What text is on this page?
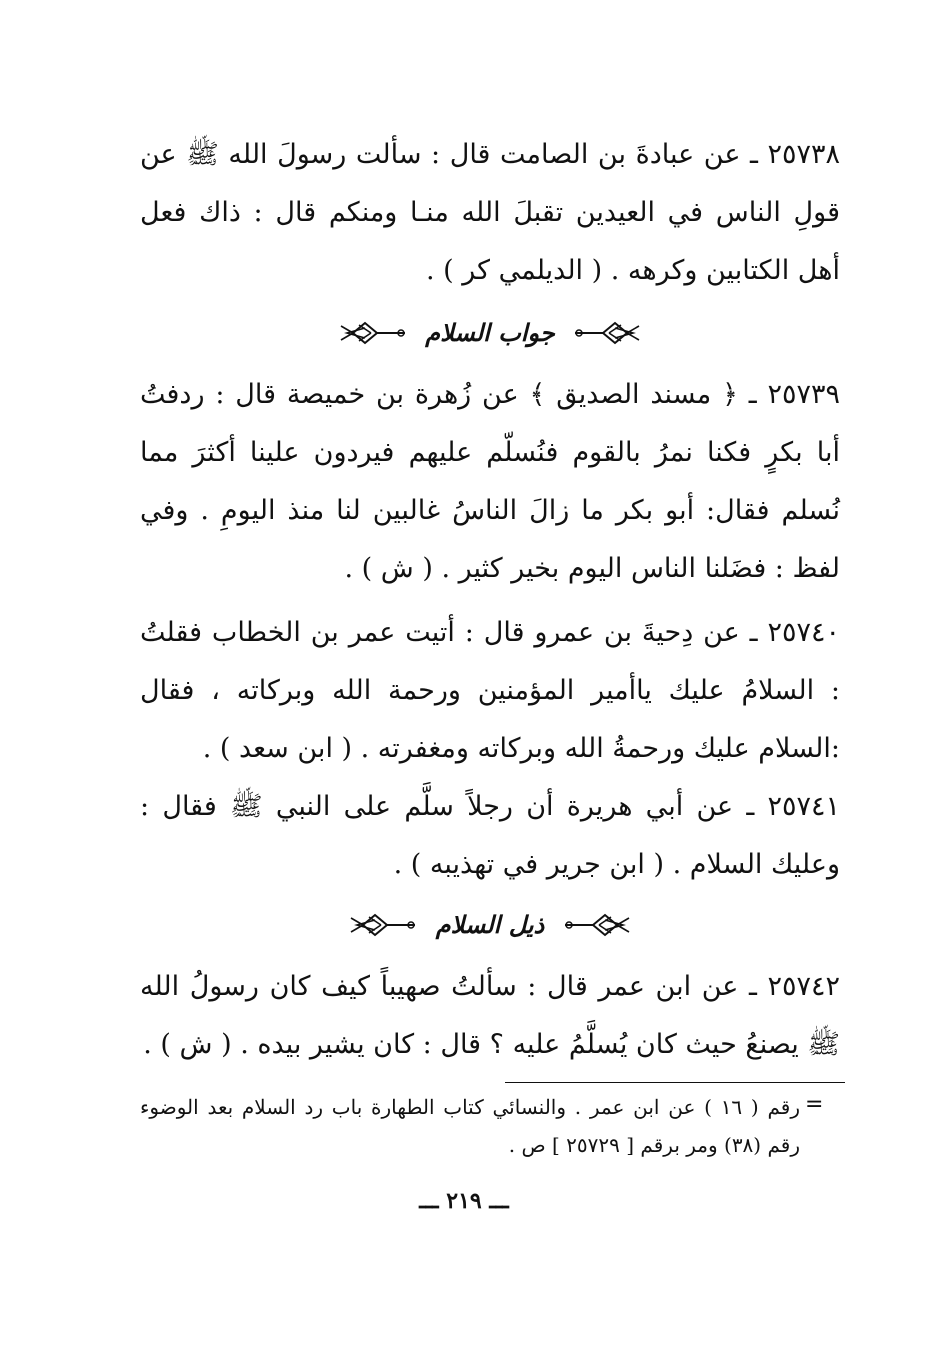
٢٥٧٣٨ ـ عن عبادةَ بن الصامت قال : سألت رسولَ الله ﷺ عن قولِ الناس في العيدين تقبلَ الله منـا ومنكم قال : ذاك فعل أهل الكتابين وكرهه . ( الديلمي كر ) .

جواب السلام

٢٥٧٣٩ ـ ﴿ مسند الصديق ﴾ عن زُهرة بن خميصة قال : ردفتُ أبا بكرٍ فكنا نمرُ بالقوم فنُسلّم عليهم فيردون علينا أكثرَ مما نُسلم فقال: أبو بكر ما زالَ الناسُ غالبين لنا منذ اليومِ . وفي لفظ : فضَلنا الناس اليوم بخير كثير . ( ش ) .

٢٥٧٤٠ ـ عن دِحيةَ بن عمرو قال : أتيت عمر بن الخطاب فقلتُ : السلامُ عليك ياأمير المؤمنين ورحمة الله وبركاته ، فقال :السلام عليك ورحمةُ الله وبركاته ومغفرته . ( ابن سعد ) .

٢٥٧٤١ ـ عن أبي هريرة أن رجلاً سلَّم على النبي ﷺ فقال : وعليك السلام . ( ابن جرير في تهذيبه ) .

ذيل السلام

٢٥٧٤٢ ـ عن ابن عمر قال : سألتُ صهيباً كيف كان رسولُ الله ﷺ يصنعُ حيث كان يُسلَّمُ عليه ؟ قال : كان يشير بيده . ( ش ) .

=

رقم ( ١٦ ) عن ابن عمر . والنسائي كتاب الطهارة باب رد السلام بعد الوضوء رقم (٣٨) ومر برقم [ ٢٥٧٢٩ ] ص .

ـــ ٢١٩ ـــ
